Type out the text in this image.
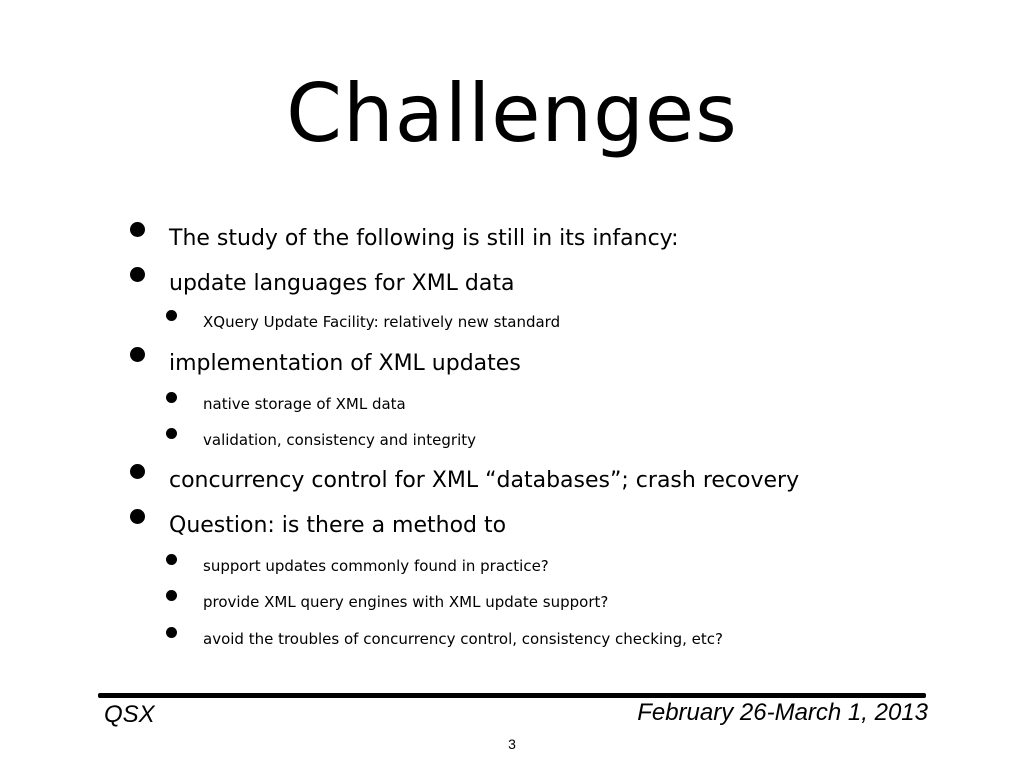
Challenges
The study of the following is still in its infancy:
update languages for XML data
XQuery Update Facility: relatively new standard
implementation of XML updates
native storage of XML data
validation, consistency and integrity
concurrency control for XML “databases”; crash recovery
Question: is there a method to
support updates commonly found in practice?
provide XML query engines with XML update support?
avoid the troubles of concurrency control, consistency checking, etc?
QSX	February 26-March 1, 2013
3
